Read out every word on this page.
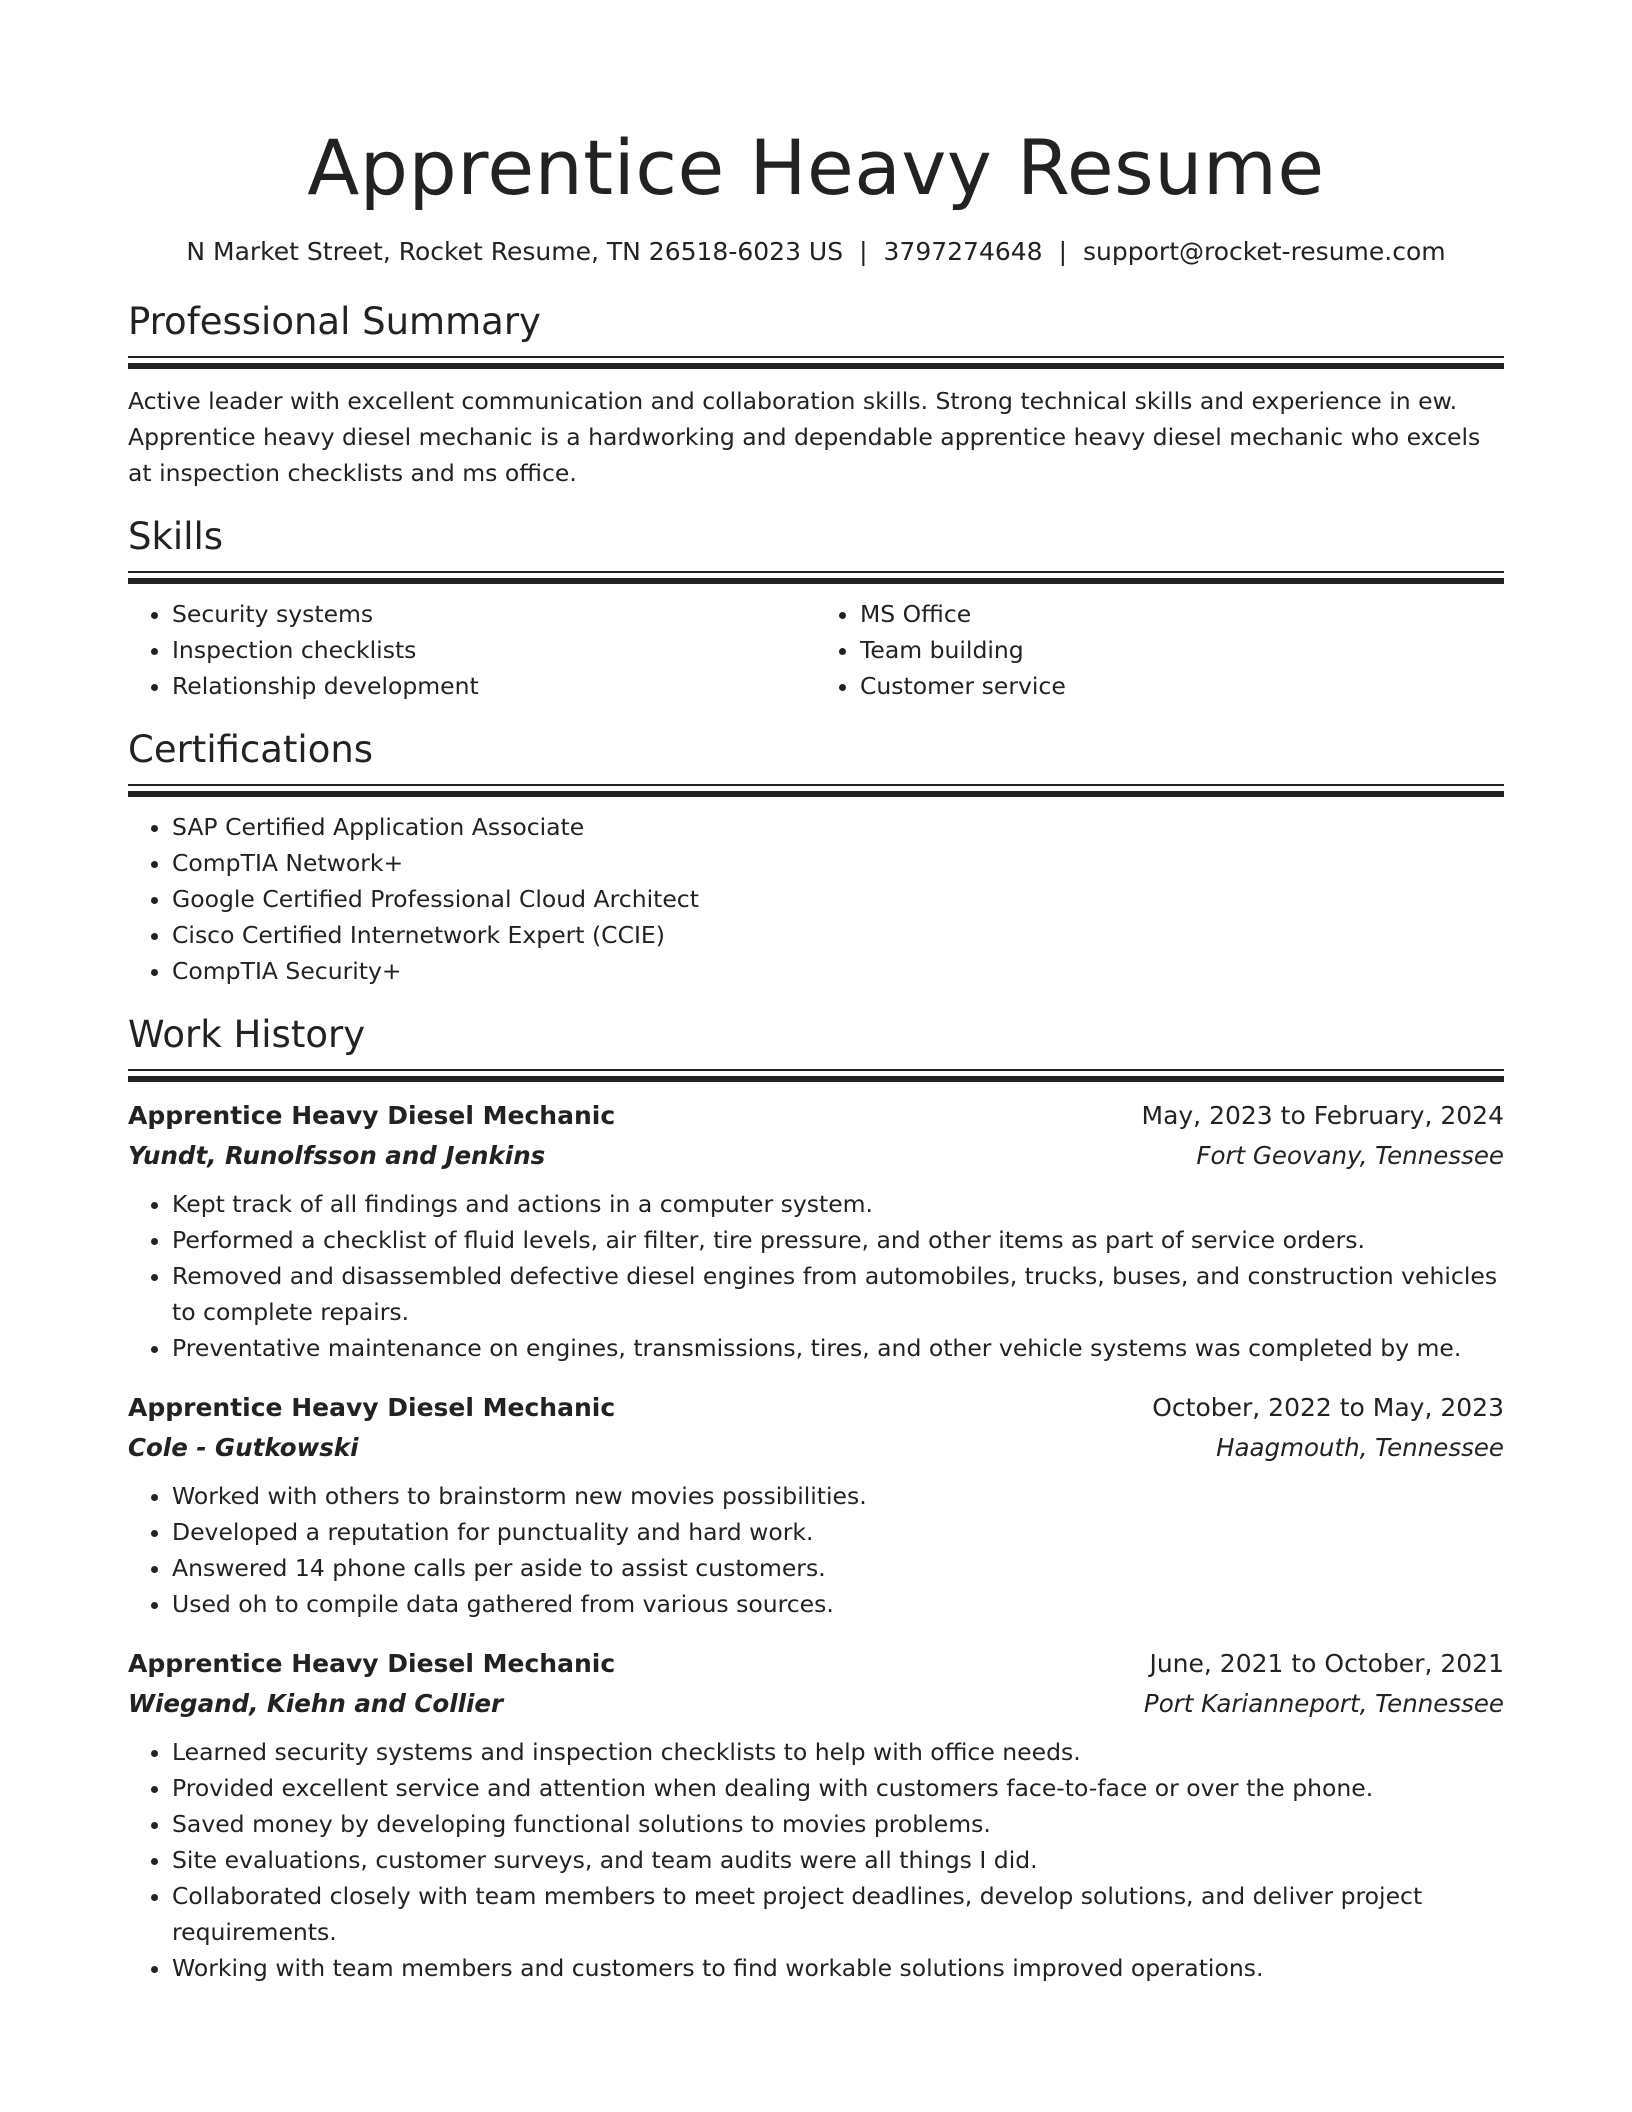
Apprentice Heavy Resume
N Market Street, Rocket Resume, TN 26518-6023 US | 3797274648 | support@rocket-resume.com
Professional Summary

Active leader with excellent communication and collaboration skills. Strong technical skills and experience in ew. Apprentice heavy diesel mechanic is a hardworking and dependable apprentice heavy diesel mechanic who excels at inspection checklists and ms office.

Skills
• Security systems
• Inspection checklists
• Relationship development
• MS Office
• Team building
• Customer service
Certifications
• SAP Certified Application Associate
• CompTIA Network+
• Google Certified Professional Cloud Architect
• Cisco Certified Internetwork Expert (CCIE)
• CompTIA Security+
Work History
Apprentice Heavy Diesel Mechanic	May, 2023 to February, 2024
Yundt, Runolfsson and Jenkins	Fort Geovany, Tennessee
• Kept track of all findings and actions in a computer system.
• Performed a checklist of fluid levels, air filter, tire pressure, and other items as part of service orders.
• Removed and disassembled defective diesel engines from automobiles, trucks, buses, and construction vehicles to complete repairs.
• Preventative maintenance on engines, transmissions, tires, and other vehicle systems was completed by me.
Apprentice Heavy Diesel Mechanic	October, 2022 to May, 2023
Cole - Gutkowski	Haagmouth, Tennessee
• Worked with others to brainstorm new movies possibilities.
• Developed a reputation for punctuality and hard work.
• Answered 14 phone calls per aside to assist customers.
• Used oh to compile data gathered from various sources.
Apprentice Heavy Diesel Mechanic	June, 2021 to October, 2021
Wiegand, Kiehn and Collier	Port Karianneport, Tennessee
• Learned security systems and inspection checklists to help with office needs.
• Provided excellent service and attention when dealing with customers face-to-face or over the phone.
• Saved money by developing functional solutions to movies problems.
• Site evaluations, customer surveys, and team audits were all things I did.
• Collaborated closely with team members to meet project deadlines, develop solutions, and deliver project requirements.
• Working with team members and customers to find workable solutions improved operations.
